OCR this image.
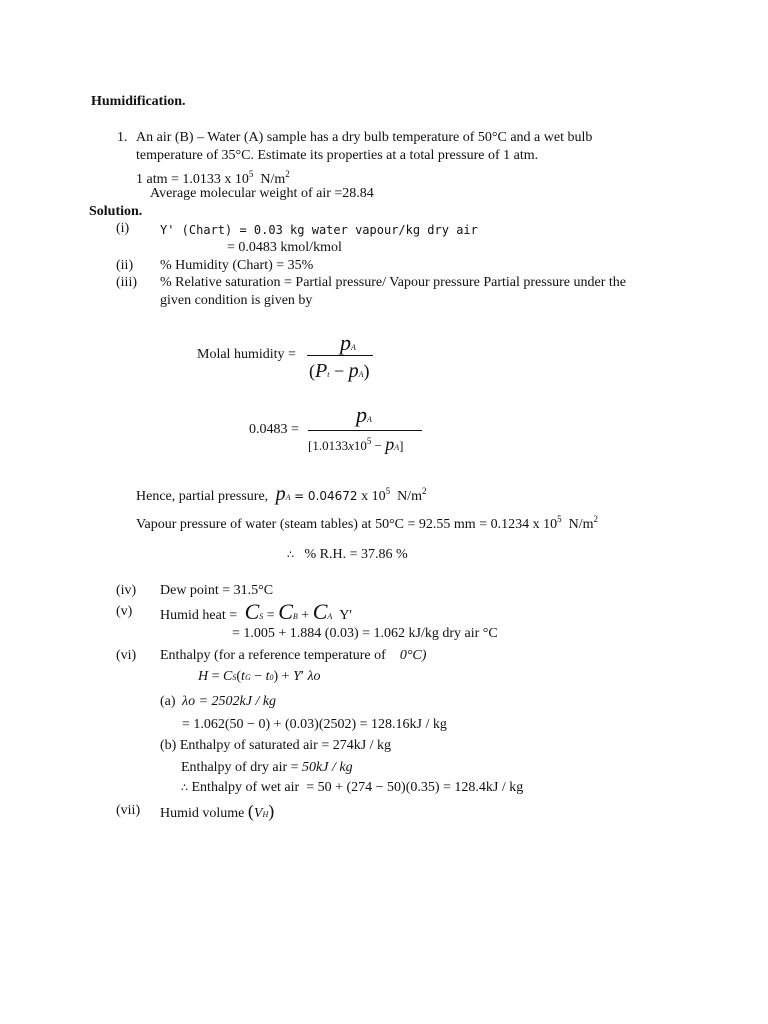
Humidification.
1. An air (B) – Water (A) sample has a dry bulb temperature of 50°C and a wet bulb
temperature of 35°C. Estimate its properties at a total pressure of 1 atm.
1 atm = 1.0133 x $10^5$ $N/m^2$
Average molecular weight of air =28.84
Solution.
(i)	Y' (Chart) = 0.03 kg water vapour/kg dry air
= 0.0483 kmol/kmol
(ii) % Humidity (Chart) = 35%
(iii) % Relative saturation = Partial pressure/ Vapour pressure Partial pressure under the
given condition is given by
Molal humidity = pA
(Pt − pA)
0.0483 =
pA
$[1.0133x10^5 - pA]$
Hence, partial pressure, pA = 0.04672 x $10^5$ $N/m^2$
Vapour pressure of water (steam tables) at 50°C = 92.55 mm = 0.1234 x $10^5$ $N/m^2$
∴ % R.H. = 37.86 %
(iv) Dew point = 31.5°C
(v) Humid heat = CS = CB + CA  Y'
= 1.005 + 1.884 (0.03) = 1.062 kJ/kg dry air °C
(vi) Enthalpy (for a reference temperature of 0°C)
H = CS(tG − t0) + Y′ λo
(a) λo = 2502kJ / kg
= 1.062(50 − 0) + (0.03)(2502) = 128.16kJ / kg
(b) Enthalpy of saturated air = 274kJ / kg
Enthalpy of dry air = 50kJ / kg
∴ Enthalpy of wet air = 50 + (274 − 50)(0.35) = 128.4kJ / kg
(vii) Humid volume (VH)
